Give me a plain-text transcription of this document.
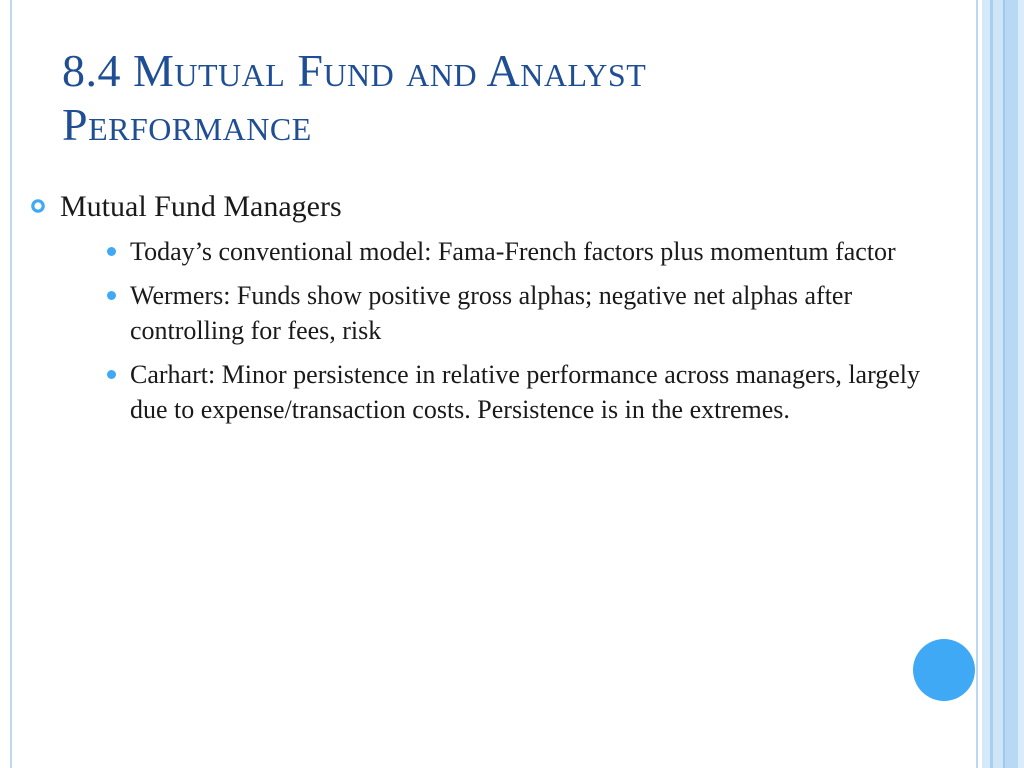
8.4 Mutual Fund and Analyst
Performance
Mutual Fund Managers
Today’s conventional model: Fama-French factors plus momentum factor
Wermers: Funds show positive gross alphas; negative net alphas after controlling for fees, risk
Carhart: Minor persistence in relative performance across managers, largely due to expense/transaction costs. Persistence is in the extremes.
